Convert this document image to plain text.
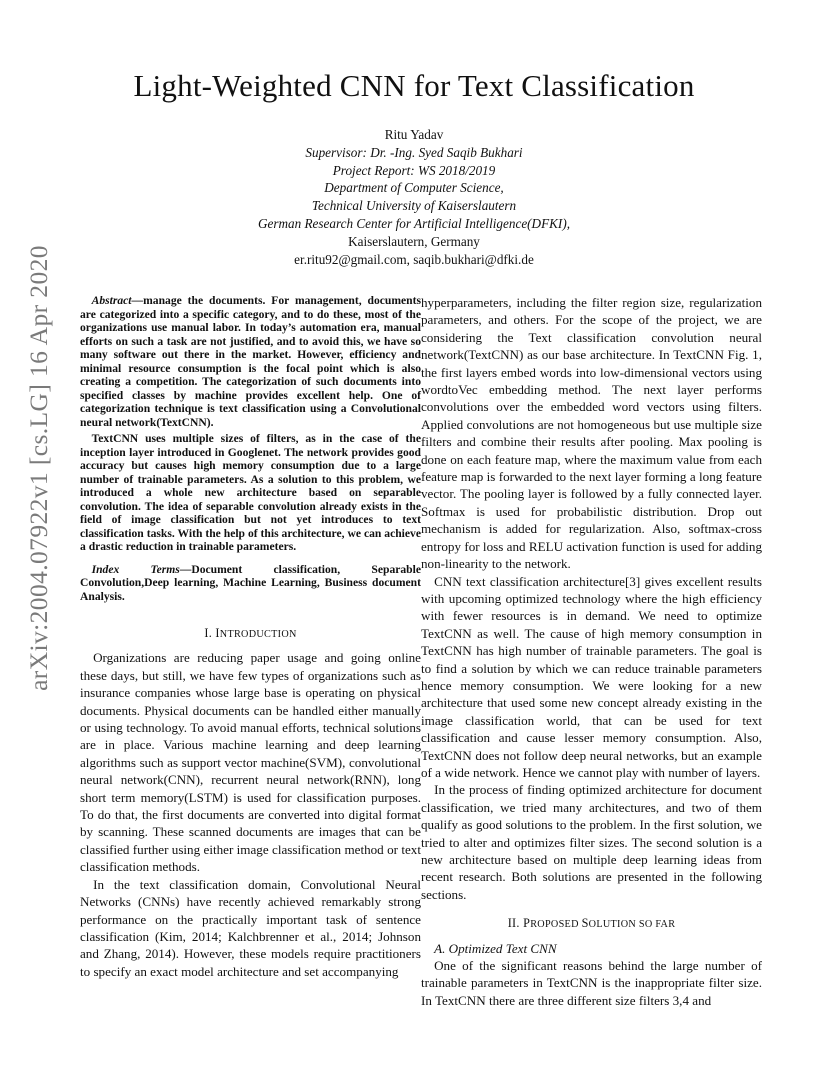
Light-Weighted CNN for Text Classification
Ritu Yadav
Supervisor: Dr. -Ing. Syed Saqib Bukhari
Project Report: WS 2018/2019
Department of Computer Science,
Technical University of Kaiserslautern
German Research Center for Artificial Intelligence(DFKI),
Kaiserslautern, Germany
er.ritu92@gmail.com, saqib.bukhari@dfki.de
arXiv:2004.07922v1 [cs.LG] 16 Apr 2020	Abstract—manage the documents. For management, documents are categorized into a specific category, and to do these, most of the organizations use manual labor. In today’s automation era, manual efforts on such a task are not justified, and to avoid this, we have so many software out there in the market. However, efficiency and minimal resource consumption is the focal point which is also creating a competition. The categorization of such documents into specified classes by machine provides excellent help. One of categorization technique is text classification using a Convolutional neural network(TextCNN).

TextCNN uses multiple sizes of filters, as in the case of the inception layer introduced in Googlenet. The network provides good accuracy but causes high memory consumption due to a large number of trainable parameters. As a solution to this problem, we introduced a whole new architecture based on separable convolution. The idea of separable convolution already exists in the field of image classification but not yet introduces to text classification tasks. With the help of this architecture, we can achieve a drastic reduction in trainable parameters.

Index Terms—Document classification, Separable Convolution,Deep learning, Machine Learning, Business document Analysis.

I. INTRODUCTION

Organizations are reducing paper usage and going online these days, but still, we have few types of organizations such as insurance companies whose large base is operating on physical documents. Physical documents can be handled either manually or using technology. To avoid manual efforts, technical solutions are in place. Various machine learning and deep learning algorithms such as support vector machine(SVM), convolutional neural network(CNN), recurrent neural network(RNN), long short term memory(LSTM) is used for classification purposes. To do that, the first documents are converted into digital format by scanning. These scanned documents are images that can be classified further using either image classification method or text classification methods.

In the text classification domain, Convolutional Neural Networks (CNNs) have recently achieved remarkably strong performance on the practically important task of sentence classification (Kim, 2014; Kalchbrenner et al., 2014; Johnson and Zhang, 2014). However, these models require practitioners to specify an exact model architecture and set accompanying

hyperparameters, including the filter region size, regularization parameters, and others. For the scope of the project, we are considering the Text classification convolution neural network(TextCNN) as our base architecture. In TextCNN Fig. 1, the first layers embed words into low-dimensional vectors using wordtoVec embedding method. The next layer performs convolutions over the embedded word vectors using filters. Applied convolutions are not homogeneous but use multiple size filters and combine their results after pooling. Max pooling is done on each feature map, where the maximum value from each feature map is forwarded to the next layer forming a long feature vector. The pooling layer is followed by a fully connected layer. Softmax is used for probabilistic distribution. Drop out mechanism is added for regularization. Also, softmax-cross entropy for loss and RELU activation function is used for adding non-linearity to the network.

CNN text classification architecture[3] gives excellent results with upcoming optimized technology where the high efficiency with fewer resources is in demand. We need to optimize TextCNN as well. The cause of high memory consumption in TextCNN has high number of trainable parameters. The goal is to find a solution by which we can reduce trainable parameters hence memory consumption. We were looking for a new architecture that used some new concept already existing in the image classification world, that can be used for text classification and cause lesser memory consumption. Also, TextCNN does not follow deep neural networks, but an example of a wide network. Hence we cannot play with number of layers.

In the process of finding optimized architecture for document classification, we tried many architectures, and two of them qualify as good solutions to the problem. In the first solution, we tried to alter and optimizes filter sizes. The second solution is a new architecture based on multiple deep learning ideas from recent research. Both solutions are presented in the following sections.

II. PROPOSED SOLUTION SO FAR

A. Optimized Text CNN

One of the significant reasons behind the large number of trainable parameters in TextCNN is the inappropriate filter size. In TextCNN there are three different size filters 3,4 and
